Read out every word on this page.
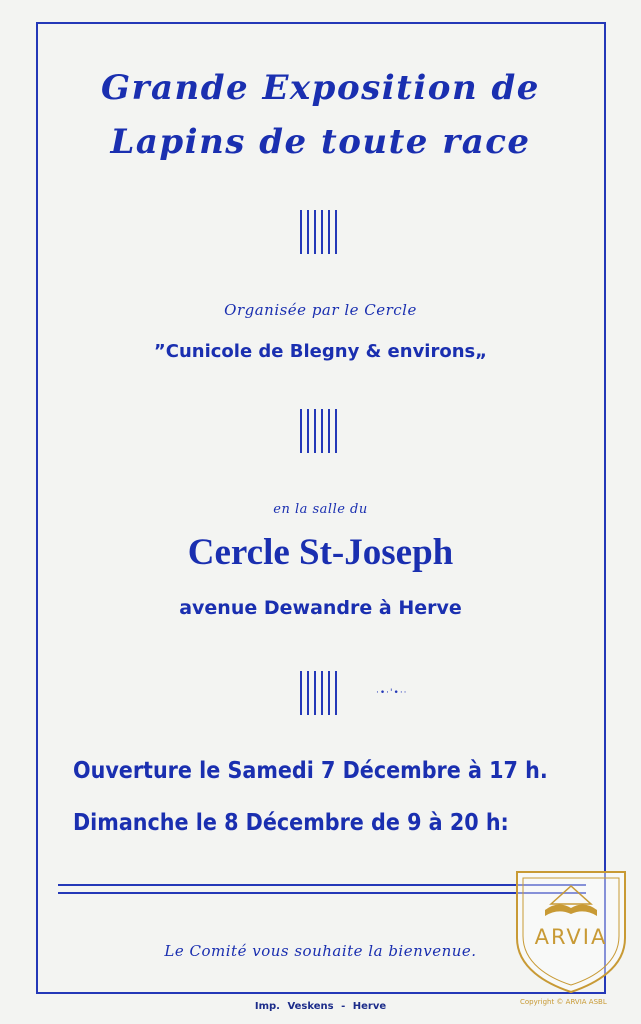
Grande Exposition de

Lapins de toute race

Organisée par le Cercle

”Cunicole de Blegny & environs„

en la salle du

Cercle St-Joseph

avenue Dewandre à Herve

·•·'•··

Ouverture le Samedi 7 Décembre à 17 h.

Dimanche le 8 Décembre de 9 à 20 h:

Le Comité vous souhaite la bienvenue.

Imp. Veskens - Herve
ARVIA
Copyright © ARVIA ASBL
